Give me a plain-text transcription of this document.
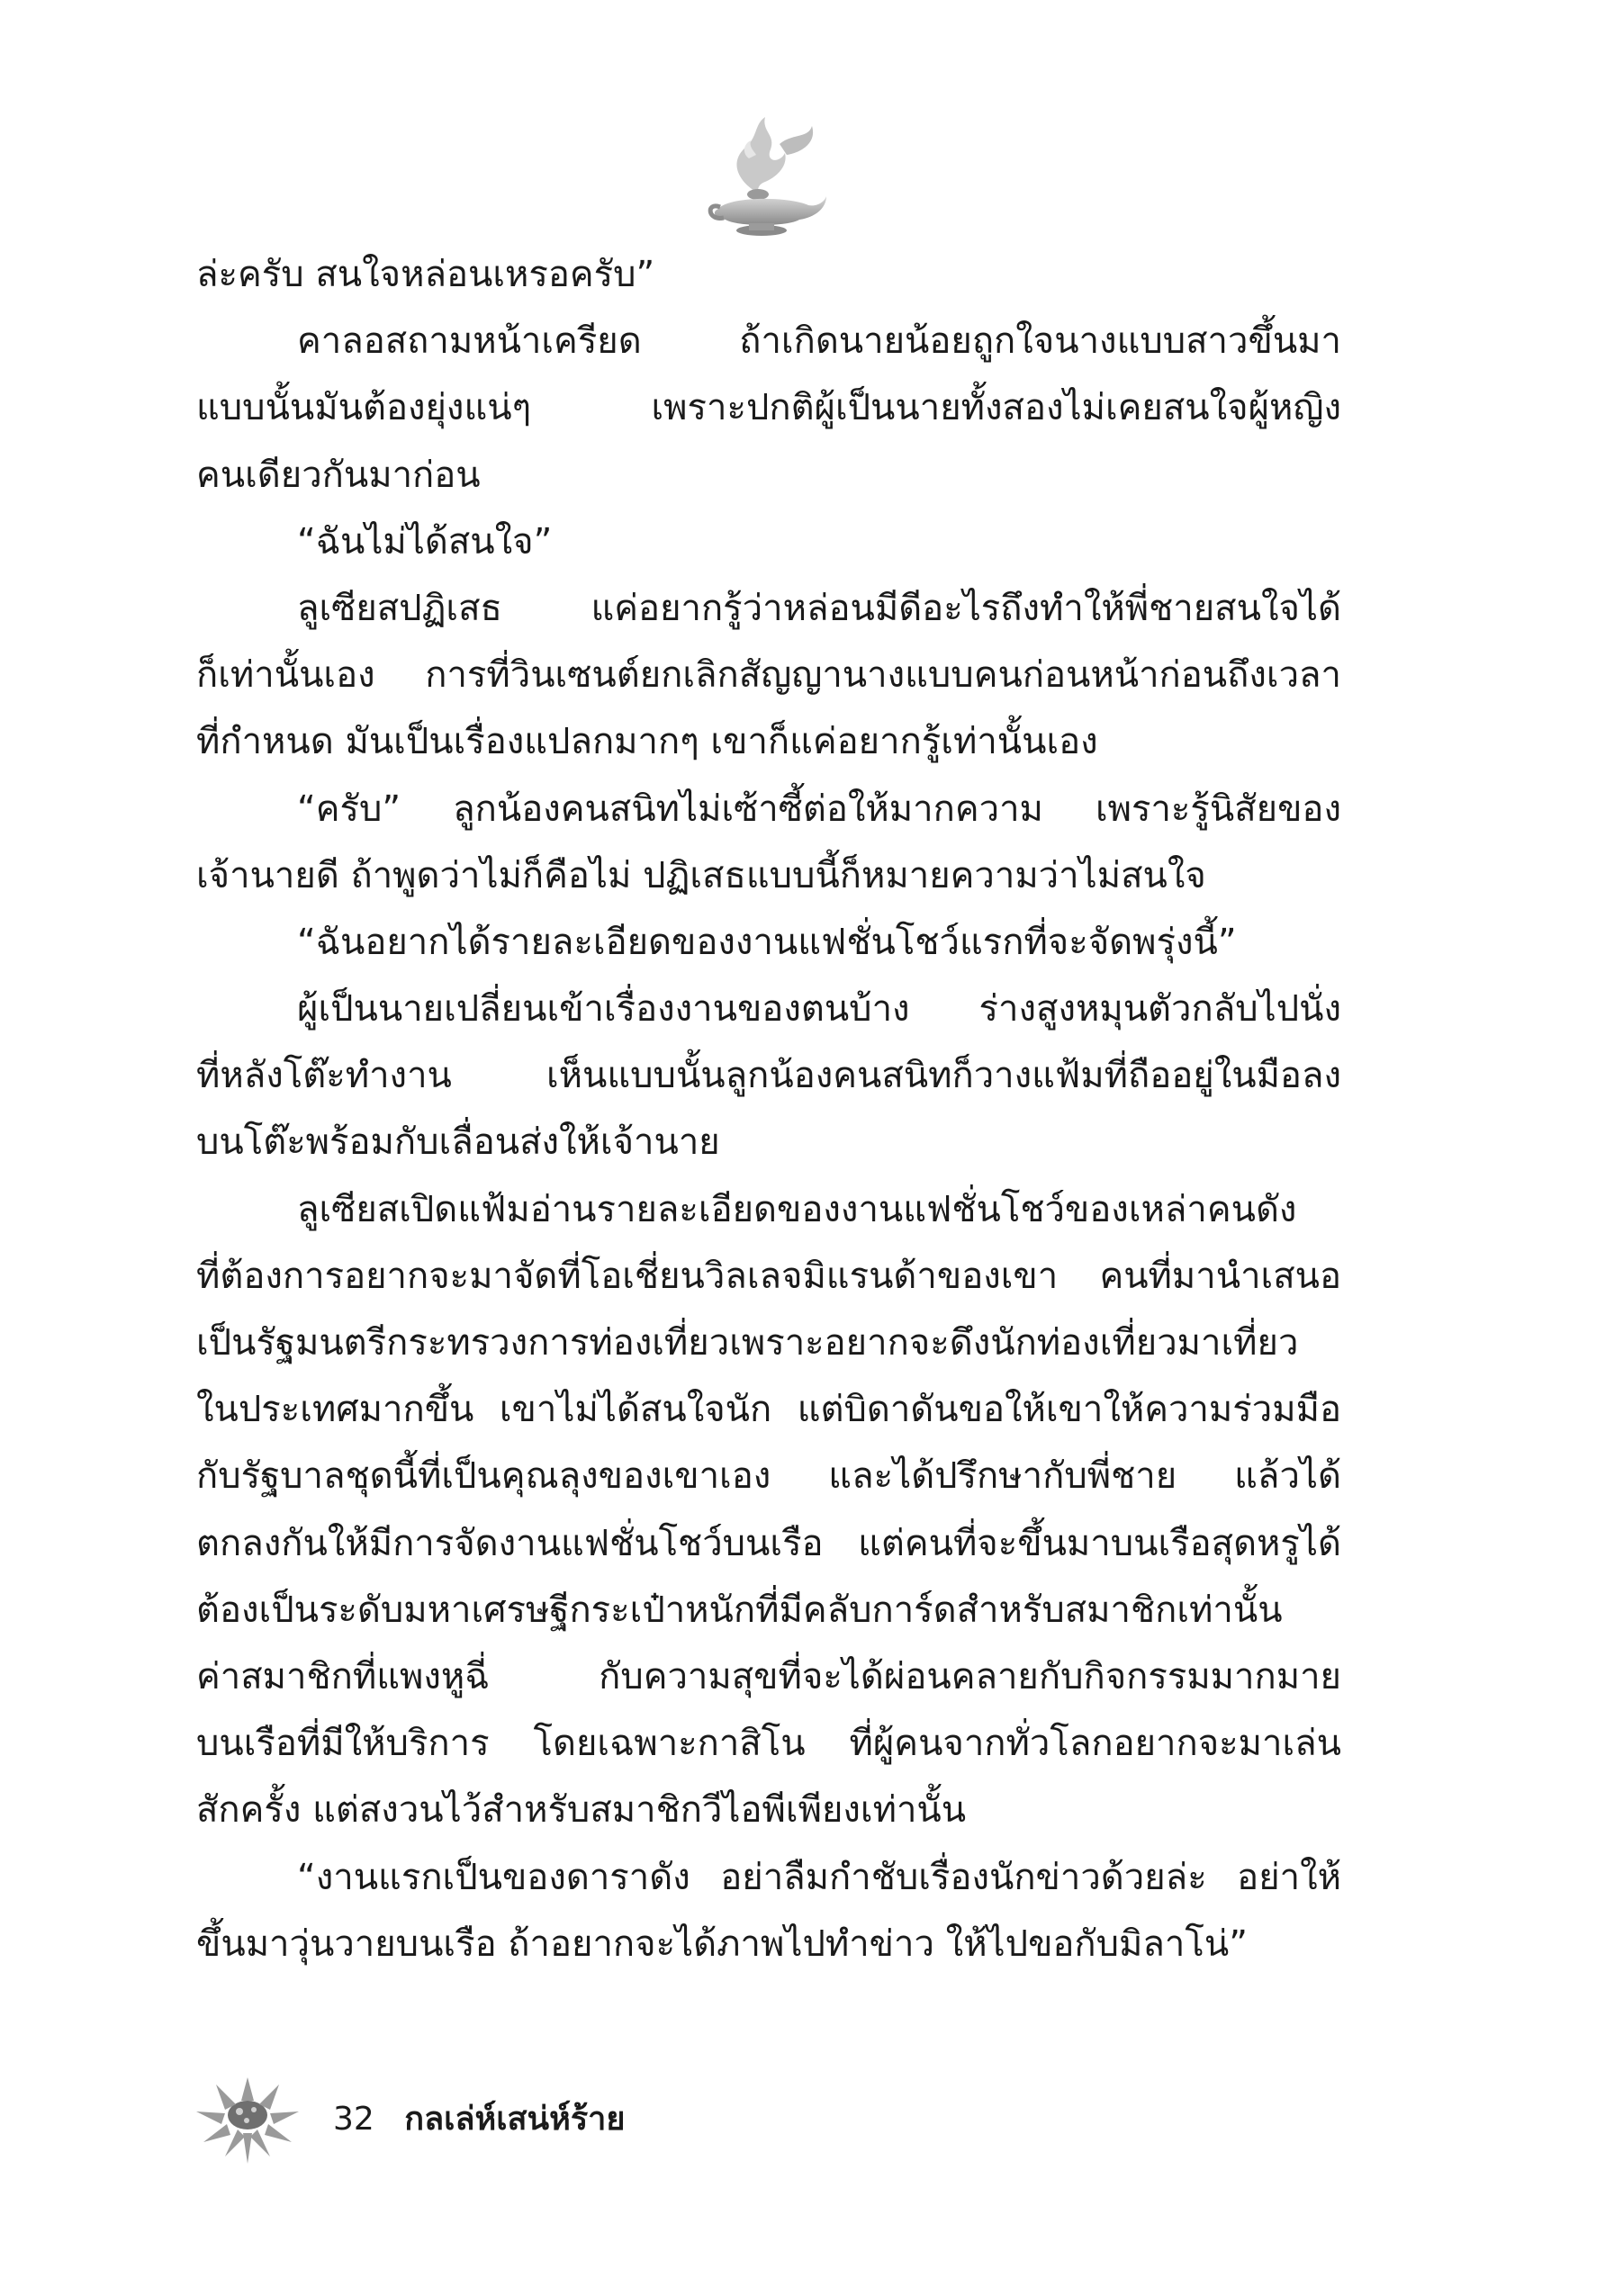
ล่ะครับ สนใจหล่อนเหรอครับ”
คาลอสถามหน้าเครียด ถ้าเกิดนายน้อยถูกใจนางแบบสาวขึ้นมา
แบบนั้นมันต้องยุ่งแน่ๆ เพราะปกติผู้เป็นนายทั้งสองไม่เคยสนใจผู้หญิง
คนเดียวกันมาก่อน
“ฉันไม่ได้สนใจ”
ลูเซียสปฏิเสธ แค่อยากรู้ว่าหล่อนมีดีอะไรถึงทำให้พี่ชายสนใจได้
ก็เท่านั้นเอง การที่วินเซนต์ยกเลิกสัญญานางแบบคนก่อนหน้าก่อนถึงเวลา
ที่กำหนด มันเป็นเรื่องแปลกมากๆ เขาก็แค่อยากรู้เท่านั้นเอง
“ครับ” ลูกน้องคนสนิทไม่เซ้าซี้ต่อให้มากความ เพราะรู้นิสัยของ
เจ้านายดี ถ้าพูดว่าไม่ก็คือไม่ ปฏิเสธแบบนี้ก็หมายความว่าไม่สนใจ
“ฉันอยากได้รายละเอียดของงานแฟชั่นโชว์แรกที่จะจัดพรุ่งนี้”
ผู้เป็นนายเปลี่ยนเข้าเรื่องงานของตนบ้าง ร่างสูงหมุนตัวกลับไปนั่ง
ที่หลังโต๊ะทำงาน เห็นแบบนั้นลูกน้องคนสนิทก็วางแฟ้มที่ถืออยู่ในมือลง
บนโต๊ะพร้อมกับเลื่อนส่งให้เจ้านาย
ลูเซียสเปิดแฟ้มอ่านรายละเอียดของงานแฟชั่นโชว์ของเหล่าคนดัง
ที่ต้องการอยากจะมาจัดที่โอเชี่ยนวิลเลจมิแรนด้าของเขา คนที่มานำเสนอ
เป็นรัฐมนตรีกระทรวงการท่องเที่ยวเพราะอยากจะดึงนักท่องเที่ยวมาเที่ยว
ในประเทศมากขึ้น เขาไม่ได้สนใจนัก แต่บิดาดันขอให้เขาให้ความร่วมมือ
กับรัฐบาลชุดนี้ที่เป็นคุณลุงของเขาเอง และได้ปรึกษากับพี่ชาย แล้วได้
ตกลงกันให้มีการจัดงานแฟชั่นโชว์บนเรือ แต่คนที่จะขึ้นมาบนเรือสุดหรูได้
ต้องเป็นระดับมหาเศรษฐีกระเป๋าหนักที่มีคลับการ์ดสำหรับสมาชิกเท่านั้น
ค่าสมาชิกที่แพงหูฉี่ กับความสุขที่จะได้ผ่อนคลายกับกิจกรรมมากมาย
บนเรือที่มีให้บริการ โดยเฉพาะกาสิโน ที่ผู้คนจากทั่วโลกอยากจะมาเล่น
สักครั้ง แต่สงวนไว้สำหรับสมาชิกวีไอพีเพียงเท่านั้น
“งานแรกเป็นของดาราดัง อย่าลืมกำชับเรื่องนักข่าวด้วยล่ะ อย่าให้
ขึ้นมาวุ่นวายบนเรือ ถ้าอยากจะได้ภาพไปทำข่าว ให้ไปขอกับมิลาโน่”
32 กลเล่ห์เสน่ห์ร้าย
